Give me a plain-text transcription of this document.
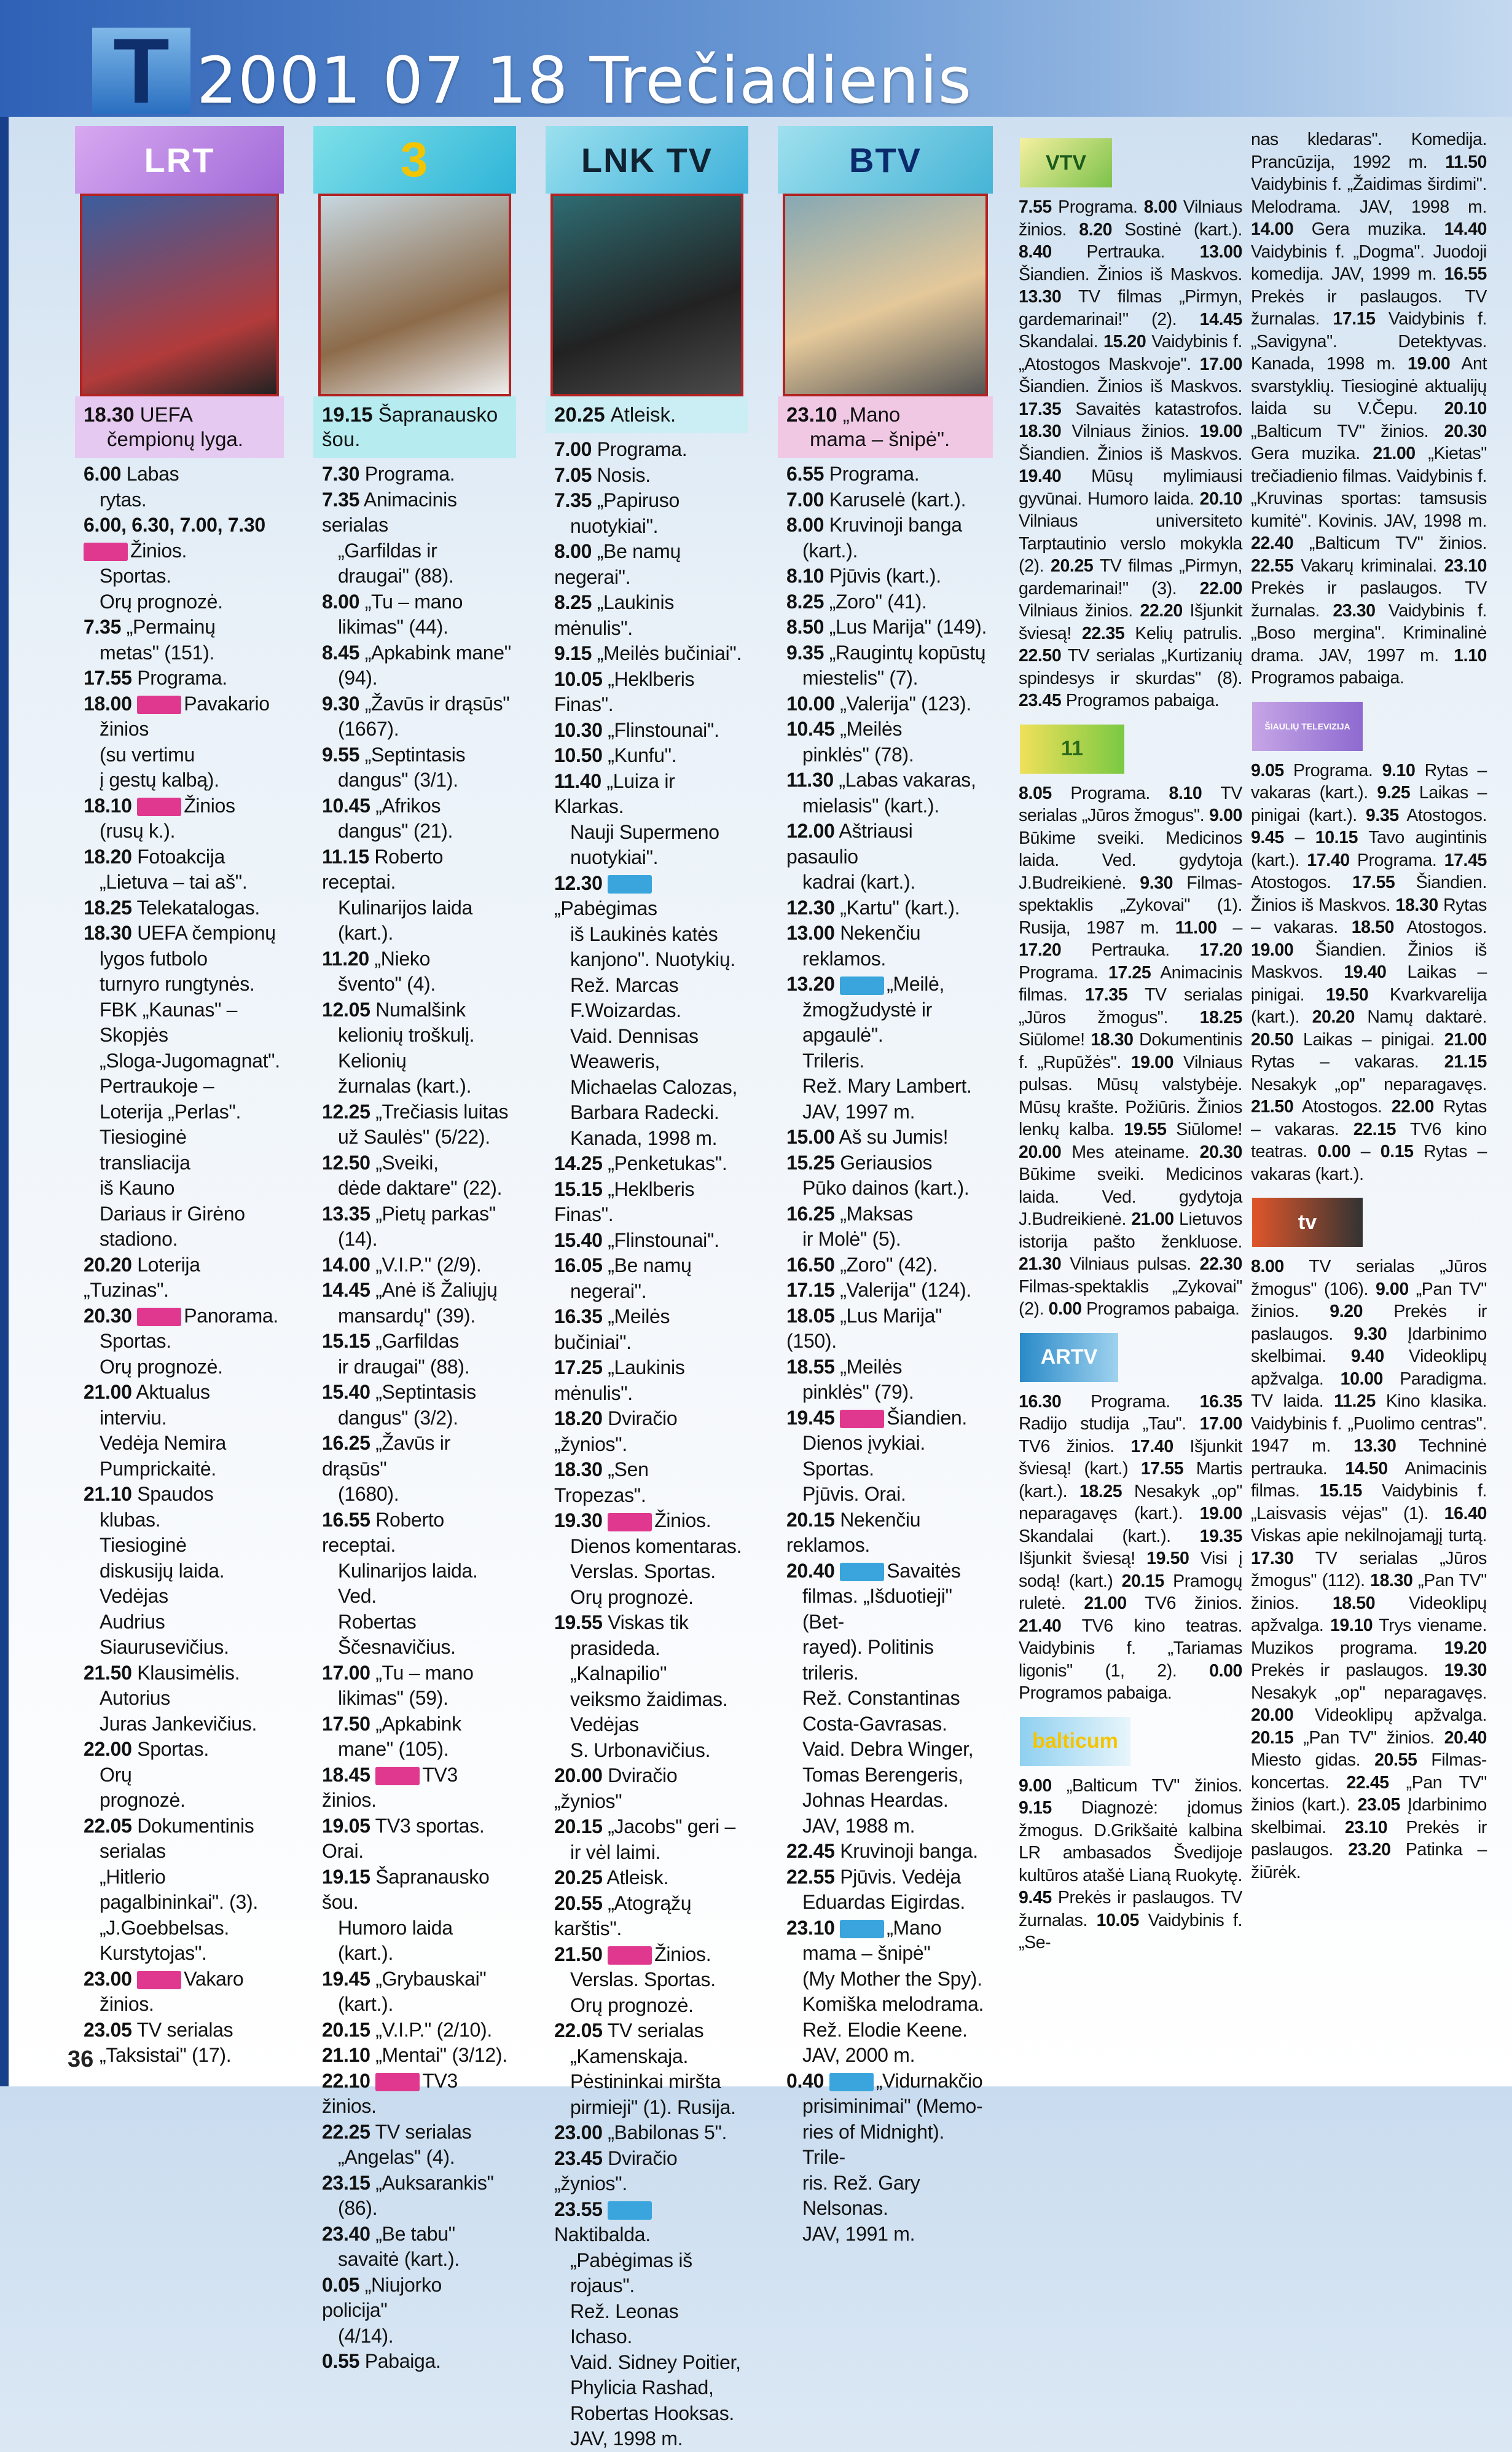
T 2001 07 18 Trečiadienis
LRT
18.30 UEFA
čempionų lyga.
6.00 Labas
rytas.
6.00, 6.30, 7.00, 7.30 Žinios.
Sportas.
Orų prognozė.
7.35 „Permainų
metas" (151).
17.55 Programa.
18.00	Pavakario
žinios
(su vertimu
į gestų kalbą).
18.10	Žinios
(rusų k.).
18.20 Fotoakcija
„Lietuva – tai aš".
18.25 Telekatalogas.
18.30 UEFA čempionų
lygos futbolo
turnyro rungtynės.
FBK „Kaunas" –
Skopjės
„Sloga-Jugomagnat".
Pertraukoje –
Loterija „Perlas".
Tiesioginė
transliacija
iš Kauno
Dariaus ir Girėno
stadiono.
20.20 Loterija „Tuzinas".
20.30	Panorama.
Sportas.
Orų prognozė.
21.00 Aktualus
interviu.
Vedėja Nemira
Pumprickaitė.
21.10 Spaudos
klubas.
Tiesioginė
diskusijų laida.
Vedėjas
Audrius
Siaurusevičius.
21.50 Klausimėlis.
Autorius
Juras Jankevičius.
22.00 Sportas.
Orų
prognozė.
22.05 Dokumentinis
serialas
„Hitlerio
pagalbininkai". (3).
„J.Goebbelsas.
Kurstytojas".
23.00	Vakaro
žinios.
23.05 TV serialas
„Taksistai" (17).
3
19.15 Šapranausko šou.
7.30 Programa.
7.35 Animacinis serialas
„Garfildas ir
draugai" (88).
8.00 „Tu – mano
likimas" (44).
8.45 „Apkabink mane"
(94).
9.30 „Žavūs ir drąsūs"
(1667).
9.55 „Septintasis
dangus" (3/1).
10.45 „Afrikos
dangus" (21).
11.15 Roberto receptai.
Kulinarijos laida (kart.).
11.20 „Nieko
švento" (4).
12.05 Numalšink
kelionių troškulį.
Kelionių
žurnalas (kart.).
12.25 „Trečiasis luitas
už Saulės" (5/22).
12.50 „Sveiki,
dėde daktare" (22).
13.35 „Pietų parkas"
(14).
14.00 „V.I.P." (2/9).
14.45 „Anė iš Žaliųjų
mansardų" (39).
15.15 „Garfildas
ir draugai" (88).
15.40 „Septintasis
dangus" (3/2).
16.25 „Žavūs ir drąsūs"
(1680).
16.55 Roberto receptai.
Kulinarijos laida. Ved.
Robertas Ščesnavičius.
17.00 „Tu – mano
likimas" (59).
17.50 „Apkabink
mane" (105).
18.45	TV3 žinios.
19.05 TV3 sportas. Orai.
19.15 Šapranausko šou.
Humoro laida (kart.).
19.45 „Grybauskai"
(kart.).
20.15 „V.I.P." (2/10).
21.10 „Mentai" (3/12).
22.10	TV3 žinios.
22.25 TV serialas
„Angelas" (4).
23.15 „Auksarankis"
(86).
23.40 „Be tabu"
savaitė (kart.).
0.05 „Niujorko policija"
(4/14).
0.55 Pabaiga.
LNK TV
20.25 Atleisk.
7.00 Programa.
7.05 Nosis.
7.35 „Papiruso
nuotykiai".
8.00 „Be namų negerai".
8.25 „Laukinis mėnulis".
9.15 „Meilės bučiniai".
10.05 „Heklberis Finas".
10.30 „Flinstounai".
10.50 „Kunfu".
11.40 „Luiza ir Klarkas.
Nauji Supermeno
nuotykiai".
12.30 „Pabėgimas
iš Laukinės katės
kanjono". Nuotykių.
Rež. Marcas
F.Woizardas.
Vaid. Dennisas
Weaweris,
Michaelas Calozas,
Barbara Radecki.
Kanada, 1998 m.
14.25 „Penketukas".
15.15 „Heklberis Finas".
15.40 „Flinstounai".
16.05 „Be namų
negerai".
16.35 „Meilės bučiniai".
17.25 „Laukinis mėnulis".
18.20 Dviračio „žynios".
18.30 „Sen Tropezas".
19.30	Žinios.
Dienos komentaras.
Verslas. Sportas.
Orų prognozė.
19.55 Viskas tik
prasideda. „Kalnapilio"
veiksmo žaidimas.
Vedėjas
S. Urbonavičius.
20.00 Dviračio „žynios"
20.15 „Jacobs" geri –
ir vėl laimi.
20.25 Atleisk.
20.55 „Atogrąžų karštis".
21.50	Žinios.
Verslas. Sportas.
Orų prognozė.
22.05 TV serialas
„Kamenskaja.
Pėstininkai miršta
pirmieji" (1). Rusija.
23.00 „Babilonas 5".
23.45 Dviračio „žynios".
23.55 Naktibalda.
„Pabėgimas iš rojaus".
Rež. Leonas Ichaso.
Vaid. Sidney Poitier,
Phylicia Rashad,
Robertas Hooksas.
JAV, 1998 m.
BTV
23.10 „Mano
mama – šnipė".
6.55 Programa.
7.00 Karuselė (kart.).
8.00 Kruvinoji banga
(kart.).
8.10 Pjūvis (kart.).
8.25 „Zoro" (41).
8.50 „Lus Marija" (149).
9.35 „Raugintų kopūstų
miestelis" (7).
10.00 „Valerija" (123).
10.45 „Meilės
pinklės" (78).
11.30 „Labas vakaras,
mielasis" (kart.).
12.00 Aštriausi pasaulio
kadrai (kart.).
12.30 „Kartu" (kart.).
13.00 Nekenčiu
reklamos.
13.20	„Meilė,
žmogžudystė ir
apgaulė".
Trileris.
Rež. Mary Lambert.
JAV, 1997 m.
15.00 Aš su Jumis!
15.25 Geriausios
Pūko dainos (kart.).
16.25 „Maksas
ir Molė" (5).
16.50 „Zoro" (42).
17.15 „Valerija" (124).
18.05 „Lus Marija" (150).
18.55 „Meilės
pinklės" (79).
19.45	Šiandien.
Dienos įvykiai. Sportas.
Pjūvis. Orai.
20.15 Nekenčiu reklamos.
20.40	Savaitės
filmas. „Išduotieji" (Bet-
rayed). Politinis trileris.
Rež. Constantinas
Costa-Gavrasas.
Vaid. Debra Winger,
Tomas Berengeris,
Johnas Heardas.
JAV, 1988 m.
22.45 Kruvinoji banga.
22.55 Pjūvis. Vedėja
Eduardas Eigirdas.
23.10	„Mano
mama – šnipė"
(My Mother the Spy).
Komiška melodrama.
Rež. Elodie Keene.
JAV, 2000 m.
0.40	„Vidurnakčio
prisiminimai" (Memo-
ries of Midnight). Trile-
ris. Rež. Gary Nelsonas.
JAV, 1991 m.
VTV
7.55 Programa. 8.00 Vilniaus žinios. 8.20 Sostinė (kart.). 8.40 Pertrauka. 13.00 Šiandien. Žinios iš Maskvos. 13.30 TV filmas „Pirmyn, gardemarinai!" (2). 14.45 Skandalai. 15.20 Vaidybinis f. „Atostogos Maskvoje". 17.00 Šiandien. Žinios iš Maskvos. 17.35 Savaitės katastrofos. 18.30 Vilniaus žinios. 19.00 Šiandien. Žinios iš Maskvos. 19.40 Mūsų mylimiausi gyvūnai. Humoro laida. 20.10 Vilniaus universiteto Tarptautinio verslo mokykla (2). 20.25 TV filmas „Pirmyn, gardemarinai!" (3). 22.00 Vilniaus žinios. 22.20 Išjunkit šviesą! 22.35 Kelių patrulis. 22.50 TV serialas „Kurtizanių spindesys ir skurdas" (8). 23.45 Programos pabaiga.
11
8.05 Programa. 8.10 TV serialas „Jūros žmogus". 9.00 Būkime sveiki. Medicinos laida. Ved. gydytoja J.Budreikienė. 9.30 Filmas-spektaklis „Zykovai" (1). Rusija, 1987 m. 11.00 – 17.20 Pertrauka. 17.20 Programa. 17.25 Animacinis filmas. 17.35 TV serialas „Jūros žmogus". 18.25 Siūlome! 18.30 Dokumentinis f. „Rupūžės". 19.00 Vilniaus pulsas. Mūsų valstybėje. Mūsų krašte. Požiūris. Žinios lenkų kalba. 19.55 Siūlome! 20.00 Mes ateiname. 20.30 Būkime sveiki. Medicinos laida. Ved. gydytoja J.Budreikienė. 21.00 Lietuvos istorija pašto ženkluose. 21.30 Vilniaus pulsas. 22.30 Filmas-spektaklis „Zykovai" (2). 0.00 Programos pabaiga.
ARTV
16.30 Programa. 16.35 Radijo studija „Tau". 17.00 TV6 žinios. 17.40 Išjunkit šviesą! (kart.) 17.55 Martis (kart.). 18.25 Nesakyk „op" neparagavęs (kart.). 19.00 Skandalai (kart.). 19.35 Išjunkit šviesą! 19.50 Visi į sodą! (kart.) 20.15 Pramogų ruletė. 21.00 TV6 žinios. 21.40 TV6 kino teatras. Vaidybinis f. „Tariamas ligonis" (1, 2). 0.00 Programos pabaiga.
balticum
9.00 „Balticum TV" žinios. 9.15 Diagnozė: įdomus žmogus. D.Grikšaitė kalbina LR ambasados Švedijoje kultūros atašė Lianą Ruokytę. 9.45 Prekės ir paslaugos. TV žurnalas. 10.05 Vaidybinis f. „Se-
nas kledaras". Komedija. Prancūzija, 1992 m. 11.50 Vaidybinis f. „Žaidimas širdimi". Melodrama. JAV, 1998 m. 14.00 Gera muzika. 14.40 Vaidybinis f. „Dogma". Juodoji komedija. JAV, 1999 m. 16.55 Prekės ir paslaugos. TV žurnalas. 17.15 Vaidybinis f. „Savigyna". Detektyvas. Kanada, 1998 m. 19.00 Ant svarstyklių. Tiesioginė aktualijų laida su V.Čepu. 20.10 „Balticum TV" žinios. 20.30 Gera muzika. 21.00 „Kietas" trečiadienio filmas. Vaidybinis f. „Kruvinas sportas: tamsusis kumitė". Kovinis. JAV, 1998 m. 22.40 „Balticum TV" žinios. 22.55 Vakarų kriminalai. 23.10 Prekės ir paslaugos. TV žurnalas. 23.30 Vaidybinis f. „Boso mergina". Kriminalinė drama. JAV, 1997 m. 1.10 Programos pabaiga.
ŠIAULIŲ TELEVIZIJA
9.05 Programa. 9.10 Rytas – vakaras (kart.). 9.25 Laikas – pinigai (kart.). 9.35 Atostogos. 9.45 – 10.15 Tavo augintinis (kart.). 17.40 Programa. 17.45 Atostogos. 17.55 Šiandien. Žinios iš Maskvos. 18.30 Rytas – vakaras. 18.50 Atostogos. 19.00 Šiandien. Žinios iš Maskvos. 19.40 Laikas – pinigai. 19.50 Kvarkvarelija (kart.). 20.20 Namų daktarė. 20.50 Laikas – pinigai. 21.00 Rytas – vakaras. 21.15 Nesakyk „op" neparagavęs. 21.50 Atostogos. 22.00 Rytas – vakaras. 22.15 TV6 kino teatras. 0.00 – 0.15 Rytas – vakaras (kart.).
tv
8.00 TV serialas „Jūros žmogus" (106). 9.00 „Pan TV" žinios. 9.20 Prekės ir paslaugos. 9.30 Įdarbinimo skelbimai. 9.40 Videoklipų apžvalga. 10.00 Paradigma. TV laida. 11.25 Kino klasika. Vaidybinis f. „Puolimo centras". 1947 m. 13.30 Techninė pertrauka. 14.50 Animacinis filmas. 15.15 Vaidybinis f. „Laisvasis vėjas" (1). 16.40 Viskas apie nekilnojamąjį turtą. 17.30 TV serialas „Jūros žmogus" (112). 18.30 „Pan TV" žinios. 18.50 Videoklipų apžvalga. 19.10 Trys viename. Muzikos programa. 19.20 Prekės ir paslaugos. 19.30 Nesakyk „op" neparagavęs. 20.00 Videoklipų apžvalga. 20.15 „Pan TV" žinios. 20.40 Miesto gidas. 20.55 Filmas-koncertas. 22.45 „Pan TV" žinios (kart.). 23.05 Įdarbinimo skelbimai. 23.10 Prekės ir paslaugos. 23.20 Patinka – žiūrėk.
36
